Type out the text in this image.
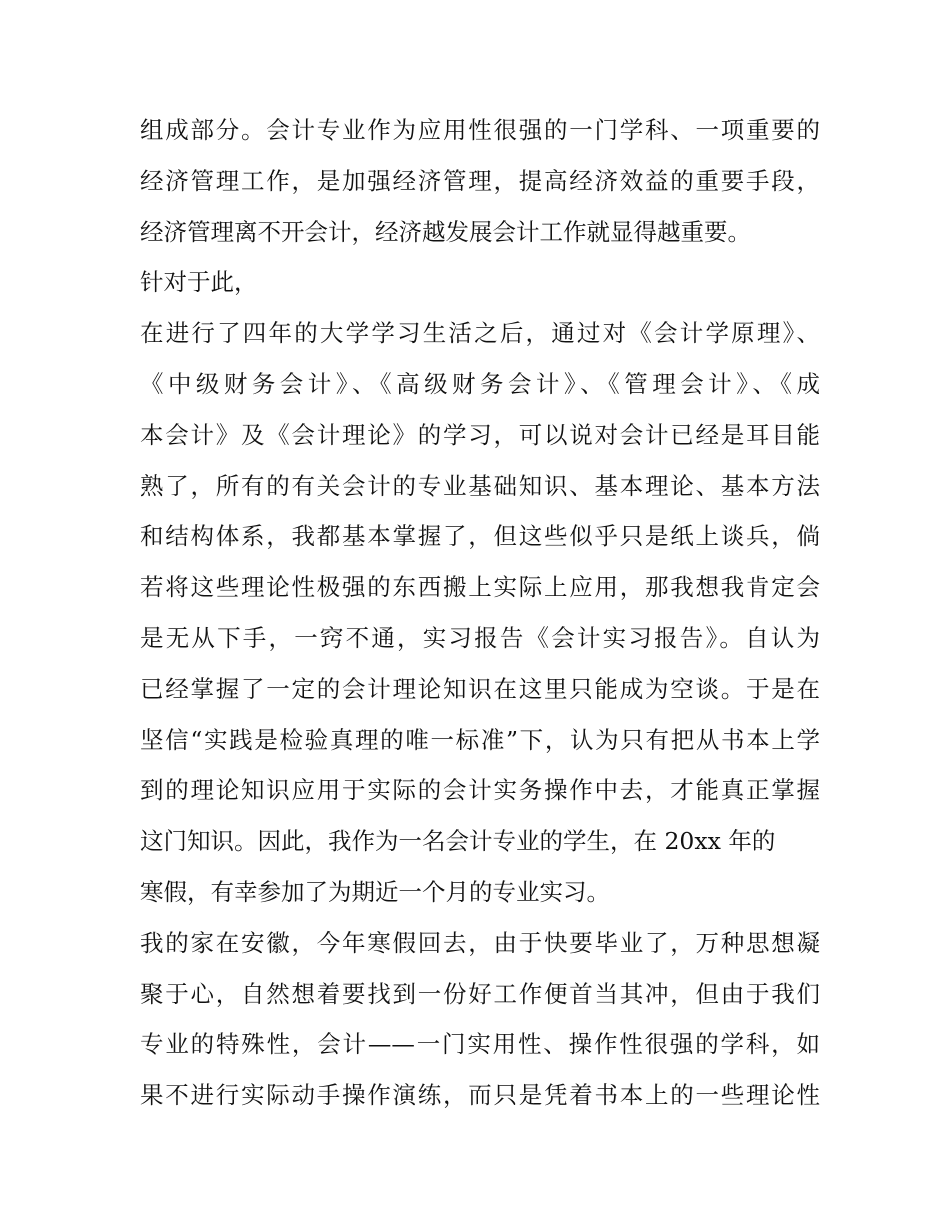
组成部分。会计专业作为应用性很强的一门学科、一项重要的
经济管理工作，是加强经济管理，提高经济效益的重要手段，
经济管理离不开会计，经济越发展会计工作就显得越重要。
针对于此，
在进行了四年的大学学习生活之后，通过对《会计学原理》、
《中级财务会计》、《高级财务会计》、《管理会计》、《成
本会计》及《会计理论》的学习，可以说对会计已经是耳目能
熟了，所有的有关会计的专业基础知识、基本理论、基本方法
和结构体系，我都基本掌握了，但这些似乎只是纸上谈兵，倘
若将这些理论性极强的东西搬上实际上应用，那我想我肯定会
是无从下手，一窍不通，实习报告《会计实习报告》。自认为
已经掌握了一定的会计理论知识在这里只能成为空谈。于是在
坚信“实践是检验真理的唯一标准”下，认为只有把从书本上学
到的理论知识应用于实际的会计实务操作中去，才能真正掌握
这门知识。因此，我作为一名会计专业的学生，在 20xx 年的
寒假，有幸参加了为期近一个月的专业实习。
我的家在安徽，今年寒假回去，由于快要毕业了，万种思想凝
聚于心，自然想着要找到一份好工作便首当其冲，但由于我们
专业的特殊性，会计——一门实用性、操作性很强的学科，如
果不进行实际动手操作演练，而只是凭着书本上的一些理论性
